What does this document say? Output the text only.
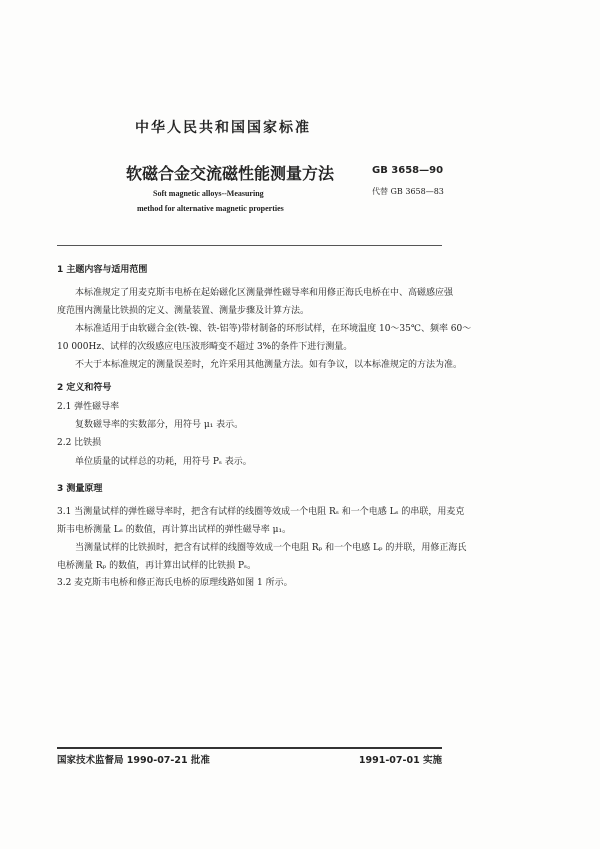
中华人民共和国国家标准
软磁合金交流磁性能测量方法	GB 3658—90
代替 GB 3658—83
Soft magnetic alloys--Measuring
method for alternative magnetic properties
1 主题内容与适用范围
本标准规定了用麦克斯韦电桥在起始磁化区测量弹性磁导率和用修正海氏电桥在中、高磁感应强
度范围内测量比铁损的定义、测量装置、测量步骤及计算方法。
本标准适用于由软磁合金(铁-镍、铁-铝等)带材制备的环形试样，在环境温度 10～35℃、频率 60～
10 000Hz、试样的次级感应电压波形畸变不超过 3%的条件下进行测量。
不大于本标准规定的测量误差时，允许采用其他测量方法。如有争议，以本标准规定的方法为准。
2 定义和符号
2.1 弹性磁导率
复数磁导率的实数部分，用符号 μ₁ 表示。
2.2 比铁损
单位质量的试样总的功耗，用符号 Pₛ 表示。
3 测量原理
3.1 当测量试样的弹性磁导率时，把含有试样的线圈等效成一个电阻 Rₛ 和一个电感 Lₛ 的串联，用麦克
斯韦电桥测量 Lₛ 的数值，再计算出试样的弹性磁导率 μ₁。
当测量试样的比铁损时，把含有试样的线圈等效成一个电阻 Rₚ 和一个电感 Lₚ 的并联，用修正海氏
电桥测量 Rₚ 的数值，再计算出试样的比铁损 Pₛ。
3.2 麦克斯韦电桥和修正海氏电桥的原理线路如图 1 所示。
国家技术监督局 1990-07-21 批准	1991-07-01 实施
